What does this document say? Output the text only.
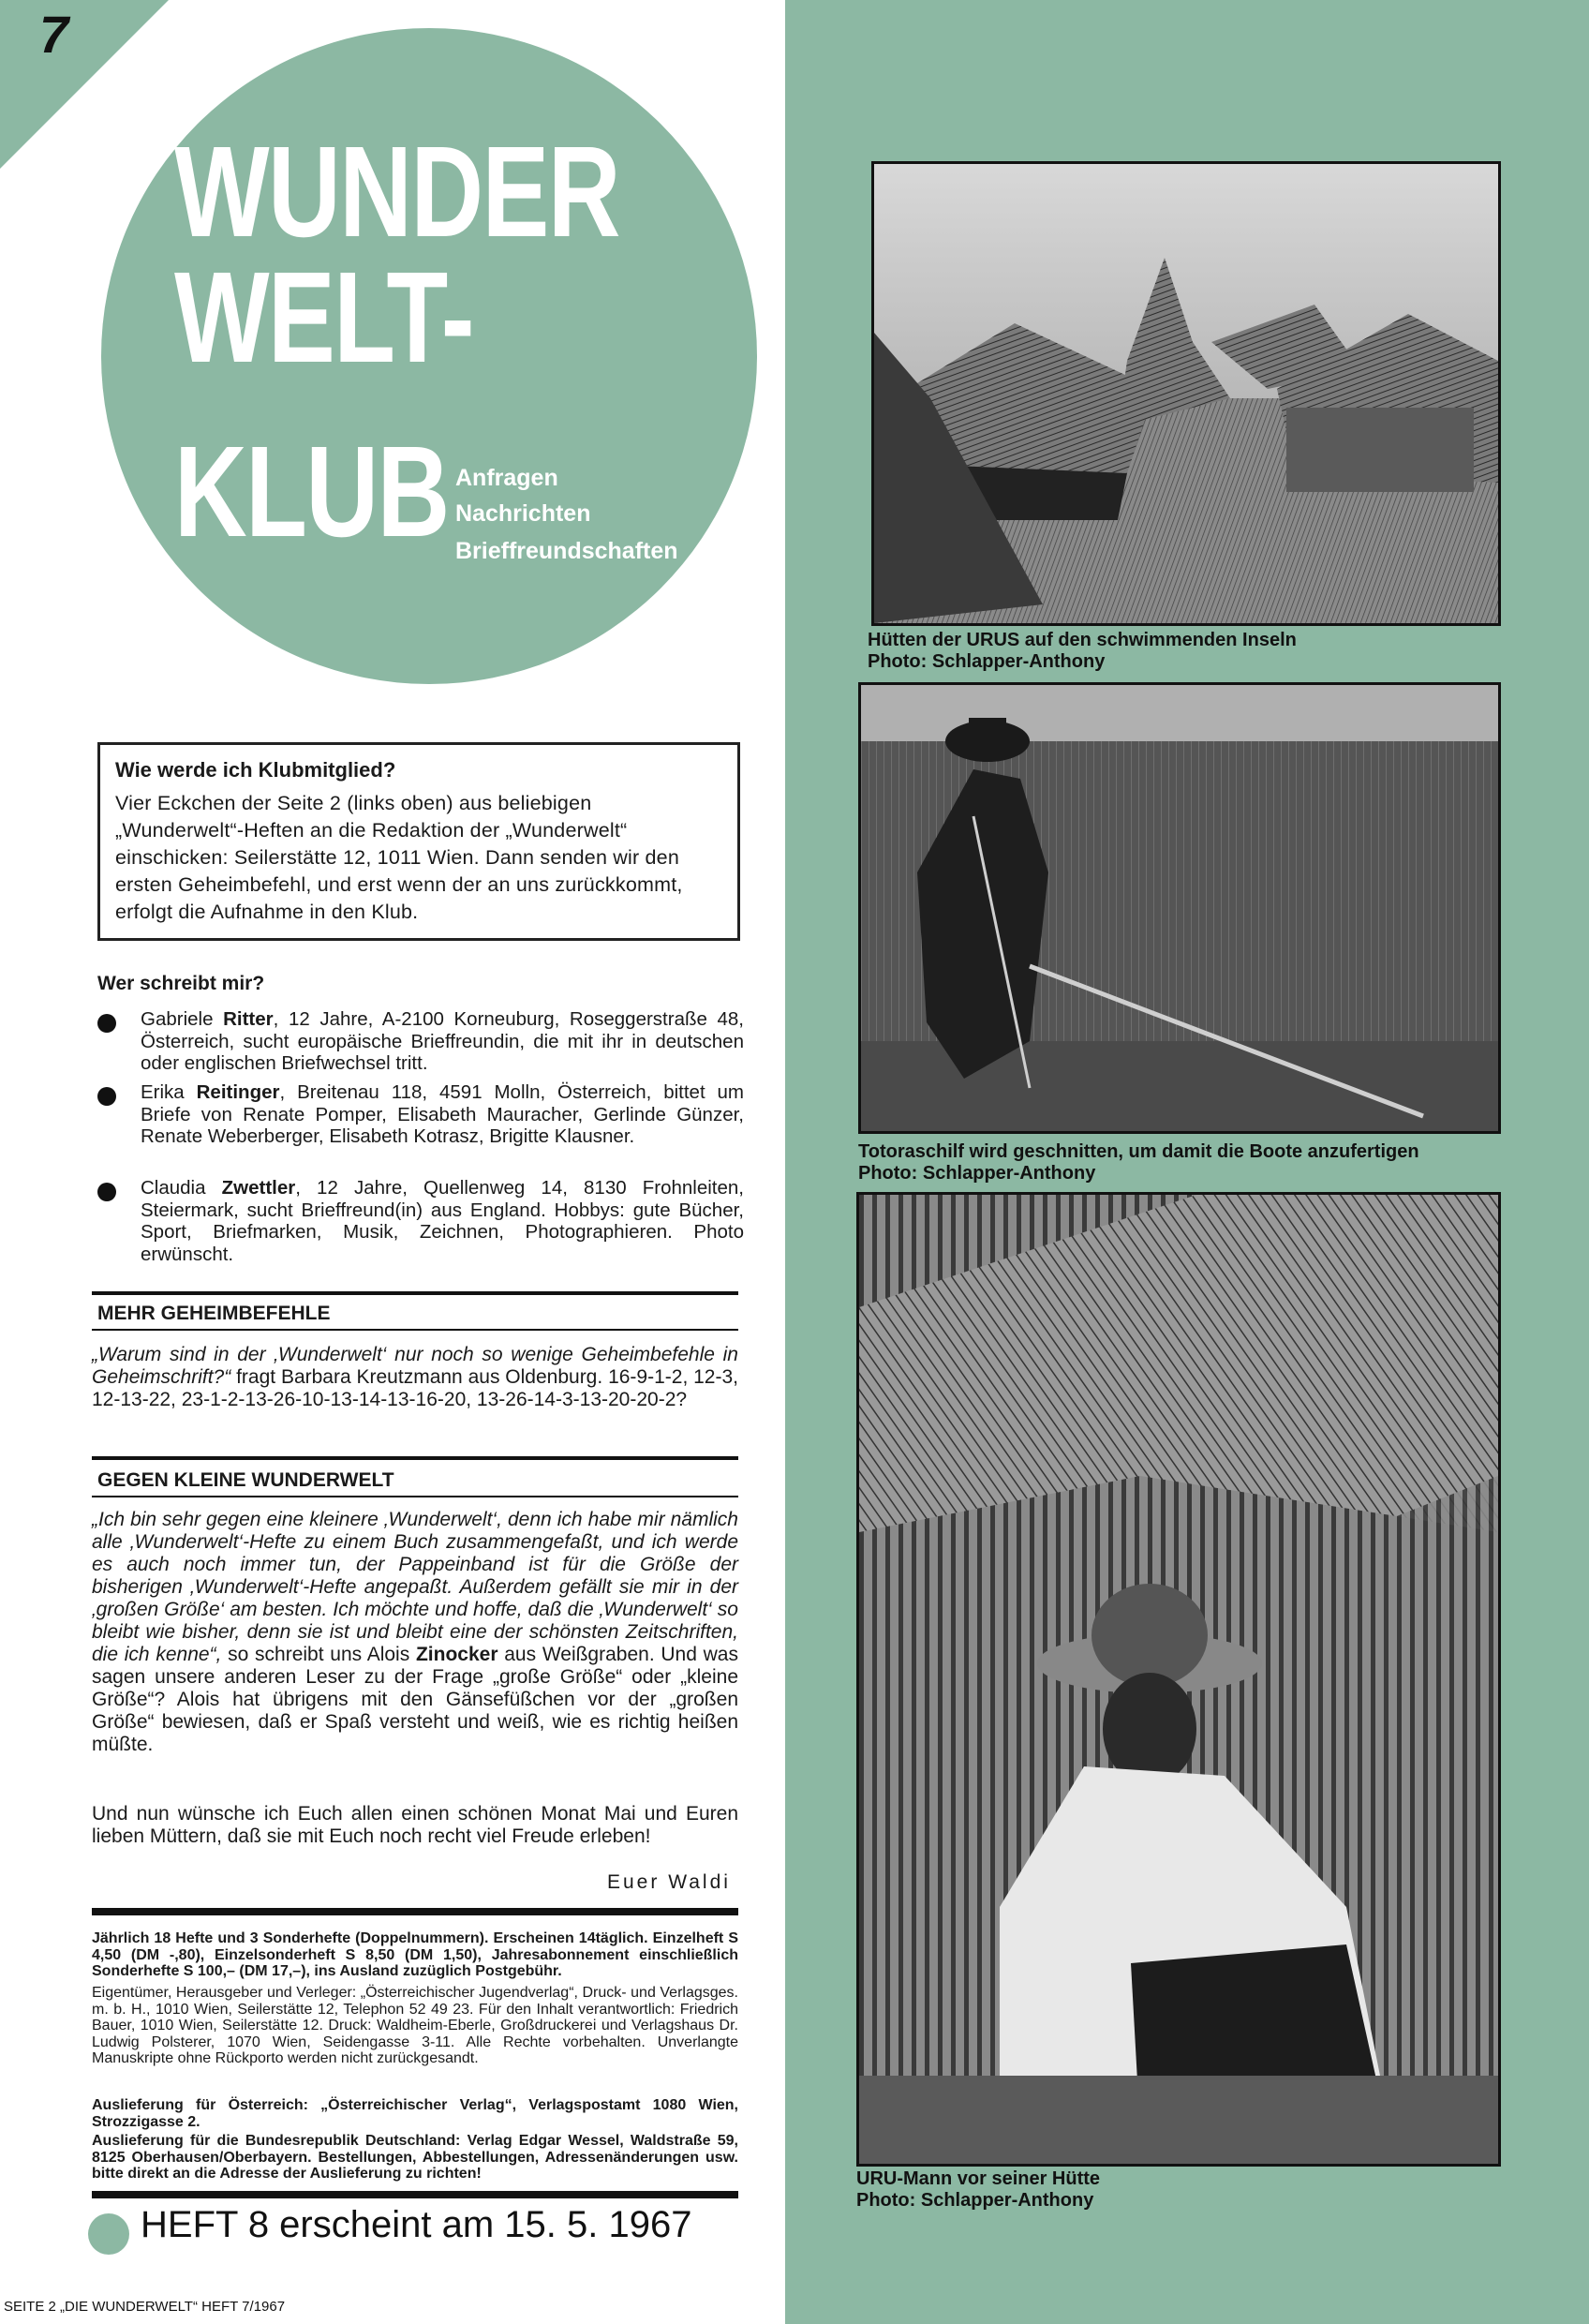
Hütten der URUS auf den schwimmenden Inseln
Photo: Schlapper-Anthony
Totoraschilf wird geschnitten, um damit die Boote anzufertigen
Photo: Schlapper-Anthony
URU-Mann vor seiner Hütte
Photo: Schlapper-Anthony
7
WUNDER
WELT-
KLUB Anfragen
Nachrichten
Brieffreundschaften
Wie werde ich Klubmitglied?

Vier Eckchen der Seite 2 (links oben) aus beliebigen „Wunderwelt“-Heften an die Redaktion der „Wunderwelt“ einschicken: Seilerstätte 12, 1011 Wien. Dann senden wir den ersten Geheimbefehl, und erst wenn der an uns zurückkommt, erfolgt die Aufnahme in den Klub.

Wer schreibt mir?

Gabriele Ritter, 12 Jahre, A-2100 Korneuburg, Roseggerstraße 48, Österreich, sucht europäische Brieffreundin, die mit ihr in deutschen oder englischen Briefwechsel tritt.

Erika Reitinger, Breitenau 118, 4591 Molln, Österreich, bittet um Briefe von Renate Pomper, Elisabeth Mauracher, Gerlinde Günzer, Renate Weberberger, Elisabeth Kotrasz, Brigitte Klausner.

Claudia Zwettler, 12 Jahre, Quellenweg 14, 8130 Frohnleiten, Steiermark, sucht Brieffreund(in) aus England. Hobbys: gute Bücher, Sport, Briefmarken, Musik, Zeichnen, Photographieren. Photo erwünscht.

MEHR GEHEIMBEFEHLE

„Warum sind in der ‚Wunderwelt‘ nur noch so wenige Geheimbefehle in Geheimschrift?“ fragt Barbara Kreutzmann aus Oldenburg. 16-9-1-2, 12-3, 12-13-22, 23-1-2-13-26-10-13-14-13-16-20, 13-26-14-3-13-20-20-2?

GEGEN KLEINE WUNDERWELT

„Ich bin sehr gegen eine kleinere ‚Wunderwelt‘, denn ich habe mir nämlich alle ‚Wunderwelt‘-Hefte zu einem Buch zusammengefaßt, und ich werde es auch noch immer tun, der Pappeinband ist für die Größe der bisherigen ‚Wunderwelt‘-Hefte angepaßt. Außerdem gefällt sie mir in der ‚großen Größe‘ am besten. Ich möchte und hoffe, daß die ‚Wunderwelt‘ so bleibt wie bisher, denn sie ist und bleibt eine der schönsten Zeitschriften, die ich kenne“, so schreibt uns Alois Zinocker aus Weißgraben. Und was sagen unsere anderen Leser zu der Frage „große Größe“ oder „kleine Größe“? Alois hat übrigens mit den Gänsefüßchen vor der „großen Größe“ bewiesen, daß er Spaß versteht und weiß, wie es richtig heißen müßte.

Und nun wünsche ich Euch allen einen schönen Monat Mai und Euren lieben Müttern, daß sie mit Euch noch recht viel Freude erleben!

Euer Waldi

Jährlich 18 Hefte und 3 Sonderhefte (Doppelnummern). Erscheinen 14täglich. Einzelheft S 4,50 (DM -,80), Einzelsonderheft S 8,50 (DM 1,50), Jahresabonnement einschließlich Sonderhefte S 100,– (DM 17,–), ins Ausland zuzüglich Postgebühr.

Eigentümer, Herausgeber und Verleger: „Österreichischer Jugendverlag“, Druck- und Verlagsges. m. b. H., 1010 Wien, Seilerstätte 12, Telephon 52 49 23. Für den Inhalt verantwortlich: Friedrich Bauer, 1010 Wien, Seilerstätte 12. Druck: Waldheim-Eberle, Großdruckerei und Verlagshaus Dr. Ludwig Polsterer, 1070 Wien, Seidengasse 3-11. Alle Rechte vorbehalten. Unverlangte Manuskripte ohne Rückporto werden nicht zurückgesandt.

Auslieferung für Österreich: „Österreichischer Verlag“, Verlagspostamt 1080 Wien, Strozzigasse 2.

Auslieferung für die Bundesrepublik Deutschland: Verlag Edgar Wessel, Waldstraße 59, 8125 Oberhausen/Oberbayern. Bestellungen, Abbestellungen, Adressenänderungen usw. bitte direkt an die Adresse der Auslieferung zu richten!

HEFT 8 erscheint am 15. 5. 1967
SEITE 2 „DIE WUNDERWELT“ HEFT 7/1967
